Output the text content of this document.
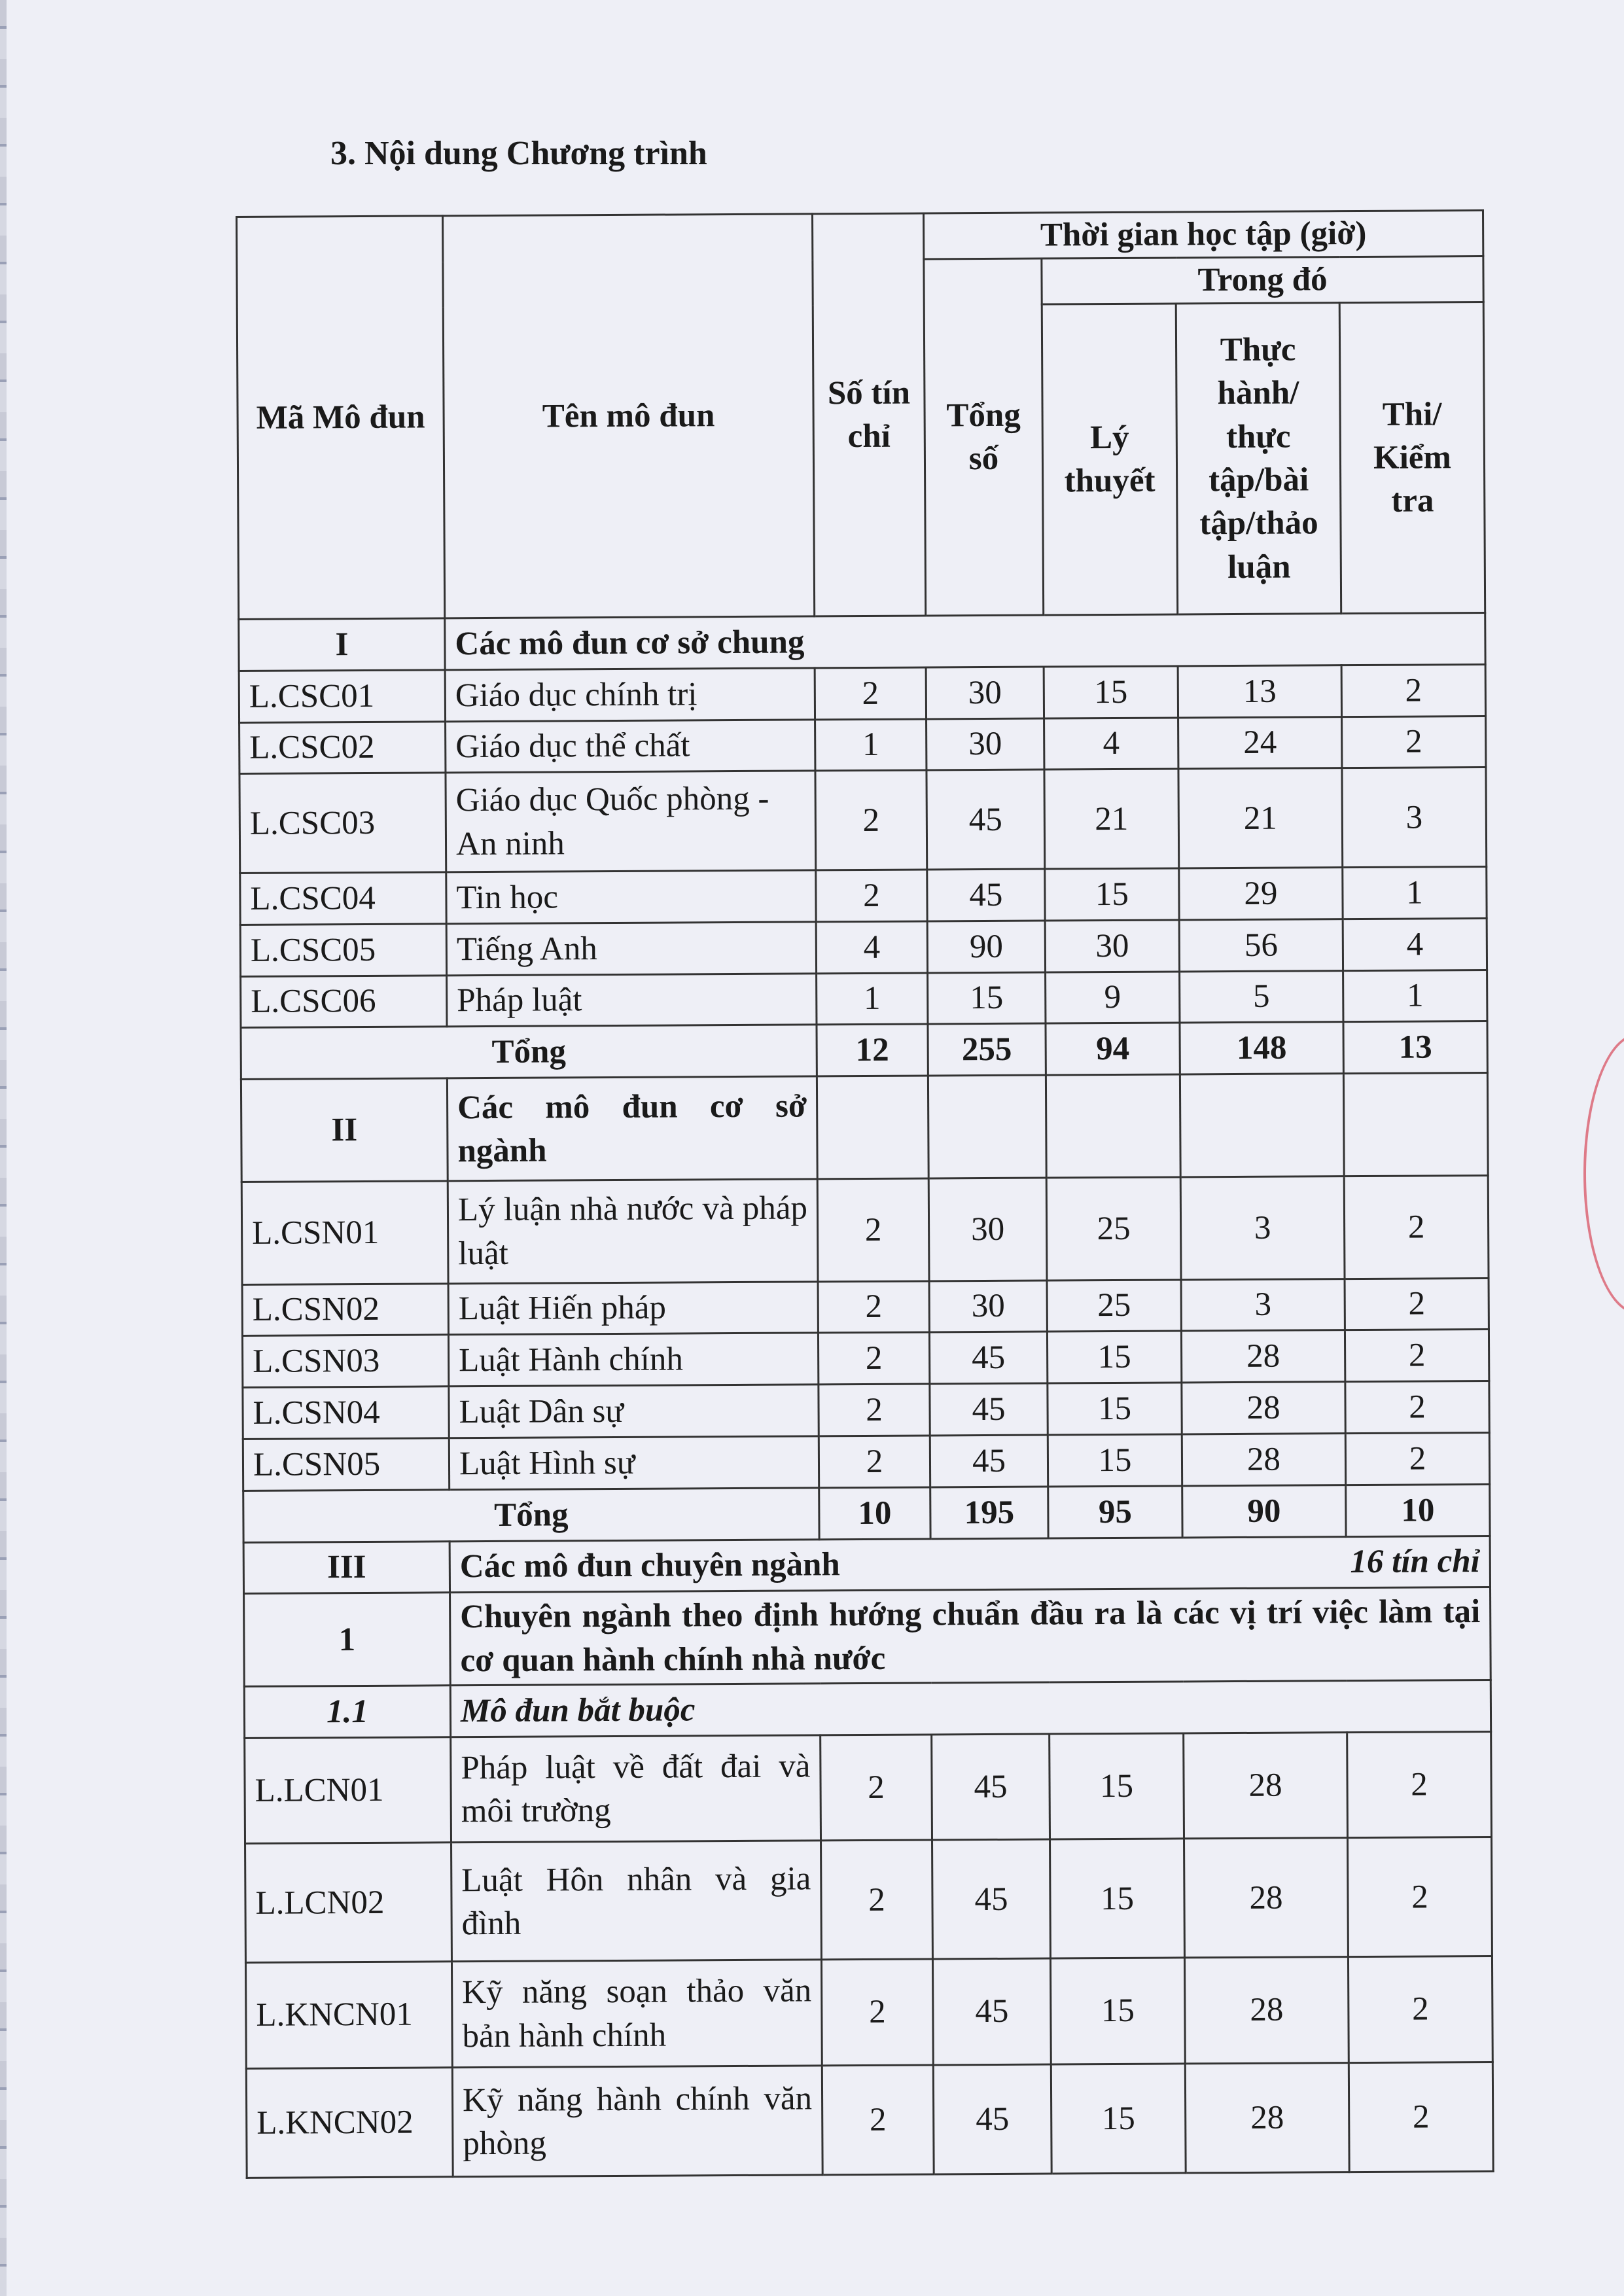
3. Nội dung Chương trình
Mã Mô đun	Tên mô đun	Số tín chỉ	Thời gian học tập (giờ)			
			Tổng số	Trong đó		
				Lý thuyết	Thực hành/ thực tập/bài tập/thảo luận	Thi/ Kiểm tra
I	Các mô đun cơ sở chung					
L.CSC01	Giáo dục chính trị	2	30	15	13	2
L.CSC02	Giáo dục thể chất	1	30	4	24	2
L.CSC03	Giáo dục Quốc phòng - An ninh	2	45	21	21	3
L.CSC04	Tin học	2	45	15	29	1
L.CSC05	Tiếng Anh	4	90	30	56	4
L.CSC06	Pháp luật	1	15	9	5	1
Tổng		12	255	94	148	13
II	Các mô đun cơ sở ngành					
L.CSN01	Lý luận nhà nước và pháp luật	2	30	25	3	2
L.CSN02	Luật Hiến pháp	2	30	25	3	2
L.CSN03	Luật Hành chính	2	45	15	28	2
L.CSN04	Luật Dân sự	2	45	15	28	2
L.CSN05	Luật Hình sự	2	45	15	28	2
Tổng		10	195	95	90	10
III	Các mô đun chuyên ngành 16 tín chỉ					

1	Chuyên ngành theo định hướng chuẩn đầu ra là các vị trí việc làm tại cơ quan hành chính nhà nước					
1.1	Mô đun bắt buộc					
L.LCN01	Pháp luật về đất đai và môi trường	2	45	15	28	2
L.LCN02	Luật Hôn nhân và gia đình	2	45	15	28	2
L.KNCN01	Kỹ năng soạn thảo văn bản hành chính	2	45	15	28	2
L.KNCN02	Kỹ năng hành chính văn phòng	2	45	15	28	2
